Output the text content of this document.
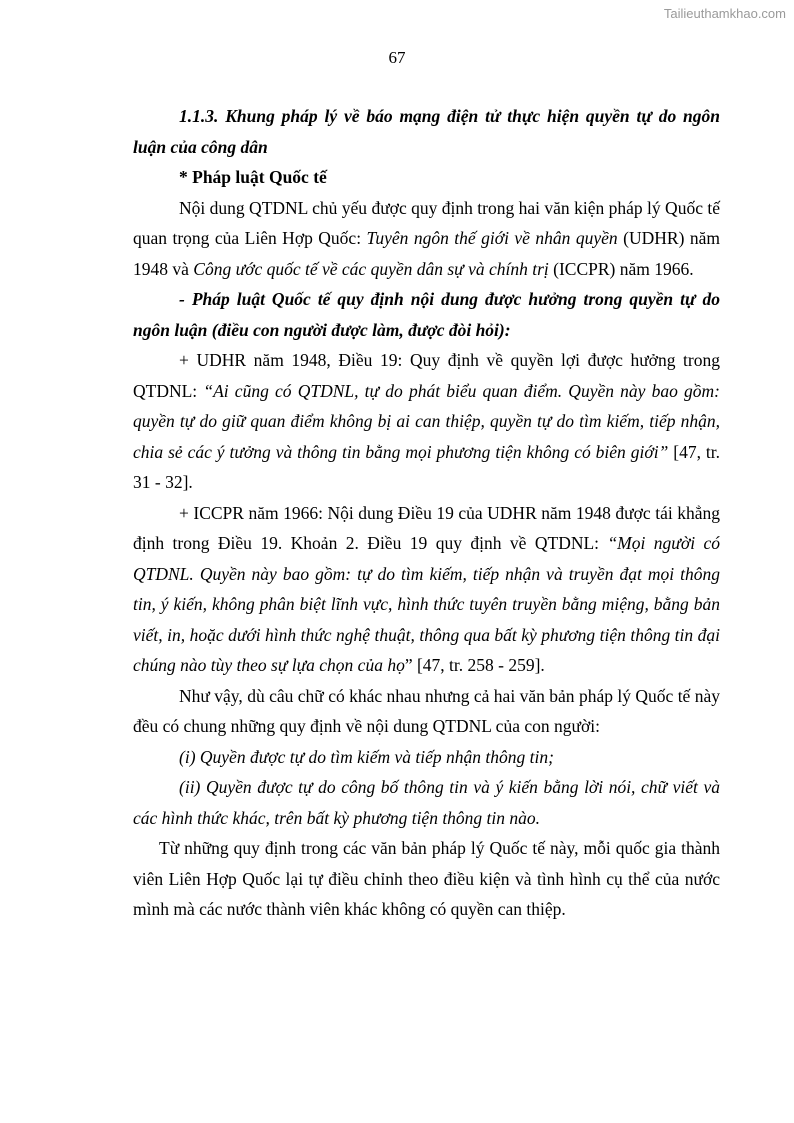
Tailieuthamkhao.com
67

1.1.3. Khung pháp lý về báo mạng điện tử thực hiện quyền tự do ngôn luận của công dân

* Pháp luật Quốc tế

Nội dung QTDNL chủ yếu được quy định trong hai văn kiện pháp lý Quốc tế quan trọng của Liên Hợp Quốc: Tuyên ngôn thế giới về nhân quyền (UDHR) năm 1948 và Công ước quốc tế về các quyền dân sự và chính trị (ICCPR) năm 1966.

- Pháp luật Quốc tế quy định nội dung được hưởng trong quyền tự do ngôn luận (điều con người được làm, được đòi hỏi):

+ UDHR năm 1948, Điều 19: Quy định về quyền lợi được hưởng trong QTDNL: “Ai cũng có QTDNL, tự do phát biểu quan điểm. Quyền này bao gồm: quyền tự do giữ quan điểm không bị ai can thiệp, quyền tự do tìm kiếm, tiếp nhận, chia sẻ các ý tưởng và thông tin bằng mọi phương tiện không có biên giới” [47, tr. 31 - 32].

+ ICCPR năm 1966: Nội dung Điều 19 của UDHR năm 1948 được tái khẳng định trong Điều 19. Khoản 2. Điều 19 quy định về QTDNL: “Mọi người có QTDNL. Quyền này bao gồm: tự do tìm kiếm, tiếp nhận và truyền đạt mọi thông tin, ý kiến, không phân biệt lĩnh vực, hình thức tuyên truyền bằng miệng, bằng bản viết, in, hoặc dưới hình thức nghệ thuật, thông qua bất kỳ phương tiện thông tin đại chúng nào tùy theo sự lựa chọn của họ” [47, tr. 258 - 259].

Như vậy, dù câu chữ có khác nhau nhưng cả hai văn bản pháp lý Quốc tế này đều có chung những quy định về nội dung QTDNL của con người:

(i) Quyền được tự do tìm kiếm và tiếp nhận thông tin;

(ii) Quyền được tự do công bố thông tin và ý kiến bằng lời nói, chữ viết và các hình thức khác, trên bất kỳ phương tiện thông tin nào.

Từ những quy định trong các văn bản pháp lý Quốc tế này, mỗi quốc gia thành viên Liên Hợp Quốc lại tự điều chỉnh theo điều kiện và tình hình cụ thể của nước mình mà các nước thành viên khác không có quyền can thiệp.
